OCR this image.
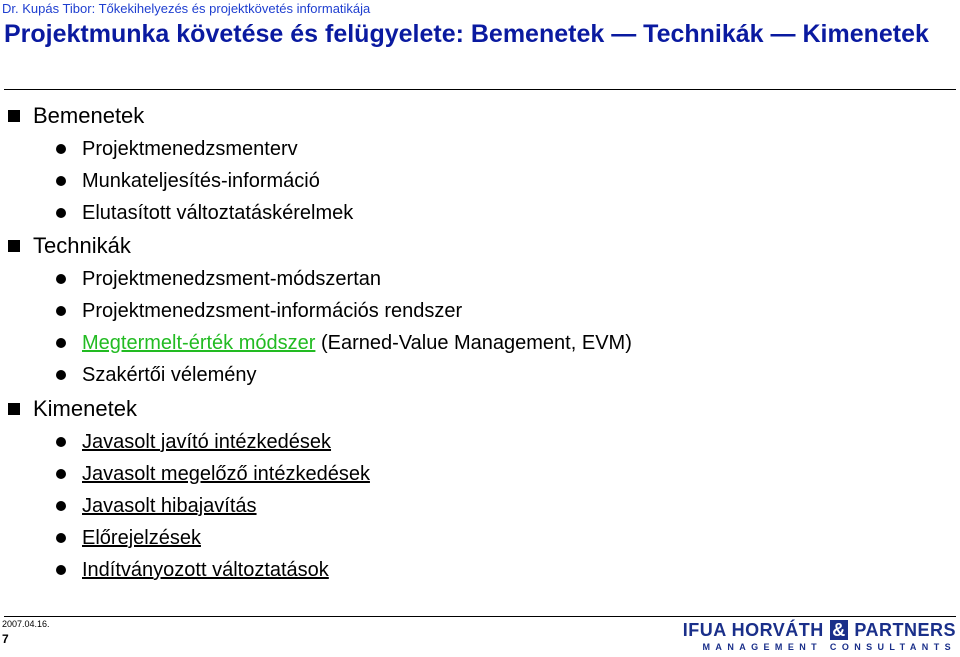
Dr. Kupás Tibor: Tőkekihelyezés és projektkövetés informatikája
Projektmunka követése és felügyelete: Bemenetek — Technikák — Kimenetek
Bemenetek
Projektmenedzsmenterv
Munkateljesítés-információ
Elutasított változtatáskérelmek
Technikák
Projektmenedzsment-módszertan
Projektmenedzsment-információs rendszer
Megtermelt-érték módszer (Earned-Value Management, EVM)
Szakértői vélemény
Kimenetek
Javasolt javító intézkedések
Javasolt megelőző intézkedések
Javasolt hibajavítás
Előrejelzések
Indítványozott változtatások
2007.04.16.
7	IFUA HORVÁTH & PARTNERS
MANAGEMENT CONSULTANTS
